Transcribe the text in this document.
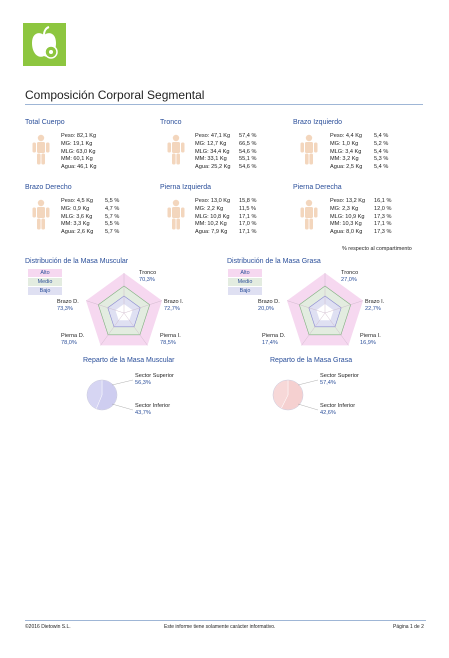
Composición Corporal Segmental
Total Cuerpo
Peso: 82,1 Kg
MG: 19,1 Kg
MLG: 63,0 Kg
MM: 60,1 Kg
Agua: 46,1 Kg
Tronco
Peso: 47,1 Kg	57,4 %
MG: 12,7 Kg	66,5 %
MLG: 34,4 Kg	54,6 %
MM: 33,1 Kg	55,1 %
Agua: 25,2 Kg	54,6 %
Brazo Izquierdo
Peso: 4,4 Kg	5,4 %
MG: 1,0 Kg	5,2 %
MLG: 3,4 Kg	5,4 %
MM: 3,2 Kg	5,3 %
Agua: 2,5 Kg	5,4 %
Brazo Derecho
Peso: 4,5 Kg	5,5 %
MG: 0,9 Kg	4,7 %
MLG: 3,6 Kg	5,7 %
MM: 3,3 Kg	5,5 %
Agua: 2,6 Kg	5,7 %
Pierna Izquierda
Peso: 13,0 Kg	15,8 %
MG: 2,2 Kg	11,5 %
MLG: 10,8 Kg	17,1 %
MM: 10,2 Kg	17,0 %
Agua: 7,9 Kg	17,1 %
Pierna Derecha
Peso: 13,2 Kg	16,1 %
MG: 2,3 Kg	12,0 %
MLG: 10,9 Kg	17,3 %
MM: 10,3 Kg	17,1 %
Agua: 8,0 Kg	17,3 %
% respecto al compartimento
Distribución de la Masa Muscular
Alto
Medio
Bajo
Tronco
70,3%
Brazo I.
72,7%
Pierna I.
78,5%
Pierna D.
78,0%
Brazo D.
73,3%
Distribución de la Masa Grasa
Alto
Medio
Bajo
Tronco
27,0%
Brazo I.
22,7%
Pierna I.
16,9%
Pierna D.
17,4%
Brazo D.
20,0%
Reparto de la Masa Muscular	Reparto de la Masa Grasa
Sector Superior
56,3%
Sector Inferior
43,7%
Sector Superior
57,4%
Sector Inferior
42,6%
©2016 Dietowin S.L.	Este informe tiene solamente carácter informativo.	Página 1 de 2
